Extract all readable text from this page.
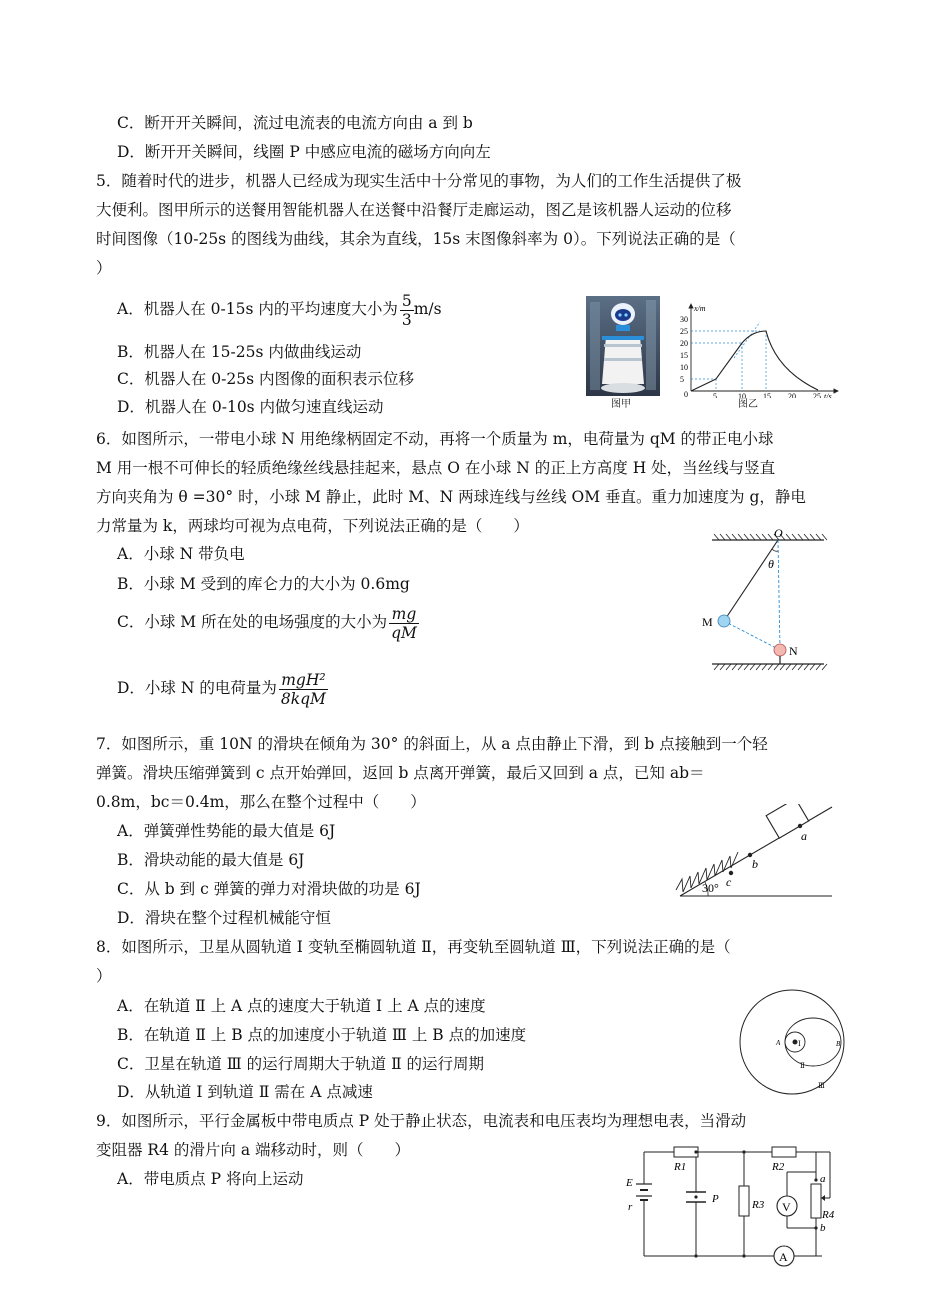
C．断开开关瞬间，流过电流表的电流方向由 a 到 b
D．断开开关瞬间，线圈 P 中感应电流的磁场方向向左
5．随着时代的进步，机器人已经成为现实生活中十分常见的事物，为人们的工作生活提供了极
大便利。图甲所示的送餐用智能机器人在送餐中沿餐厅走廊运动，图乙是该机器人运动的位移
时间图像（10-25s 的图线为曲线，其余为直线，15s 末图像斜率为 0）。下列说法正确的是（
）
A．机器人在 0-15s 内的平均速度大小为 $\frac{5}{3} m/s$
B．机器人在 15-25s 内做曲线运动
C．机器人在 0-25s 内图像的面积表示位移
D．机器人在 0-10s 内做匀速直线运动	图甲
x/m
t/s
0
5
10
15
20
25
30
5	10 15 20 25
图乙
6．如图所示，一带电小球 N 用绝缘柄固定不动，再将一个质量为 m，电荷量为 qM 的带正电小球
M 用一根不可伸长的轻质绝缘丝线悬挂起来，悬点 O 在小球 N 的正上方高度 H 处，当丝线与竖直
方向夹角为 θ =30° 时，小球 M 静止，此时 M、N 两球连线与丝线 OM 垂直。重力加速度为 g，静电
力常量为 k，两球均可视为点电荷，下列说法正确的是（　　）
A．小球 N 带负电
B．小球 M 受到的库仑力的大小为 0.6mg
C．小球 M 所在处的电场强度的大小为 $\frac{mg}{qM}$
D．小球 N 的电荷量为 $\frac{\text{mgH²}}{\text{8kqM}}$
O
θ
M
N
7．如图所示，重 10N 的滑块在倾角为 30° 的斜面上，从 a 点由静止下滑，到 b 点接触到一个轻
弹簧。滑块压缩弹簧到 c 点开始弹回，返回 b 点离开弹簧，最后又回到 a 点，已知 ab＝
0.8m，bc＝0.4m，那么在整个过程中（　　）
A．弹簧弹性势能的最大值是 6J
B．滑块动能的最大值是 6J
C．从 b 到 c 弹簧的弹力对滑块做的功是 6J
D．滑块在整个过程机械能守恒
30° c
b
a
8．如图所示，卫星从圆轨道 Ⅰ 变轨至椭圆轨道 Ⅱ，再变轨至圆轨道 Ⅲ，下列说法正确的是（
）
A．在轨道 Ⅱ 上 A 点的速度大于轨道 Ⅰ 上 A 点的速度
B．在轨道 Ⅱ 上 B 点的加速度小于轨道 Ⅲ 上 B 点的加速度
C．卫星在轨道 Ⅲ 的运行周期大于轨道 Ⅱ 的运行周期
D．从轨道 Ⅰ 到轨道 Ⅱ 需在 A 点减速
A	B
Ⅰ
Ⅱ
Ⅲ
9．如图所示，平行金属板中带电质点 P 处于静止状态，电流表和电压表均为理想电表，当滑动
变阻器 R4 的滑片向 a 端移动时，则（　　）
A．带电质点 P 将向上运动
R1	R2
E
r
P	R3
a
R4
b
V
A
